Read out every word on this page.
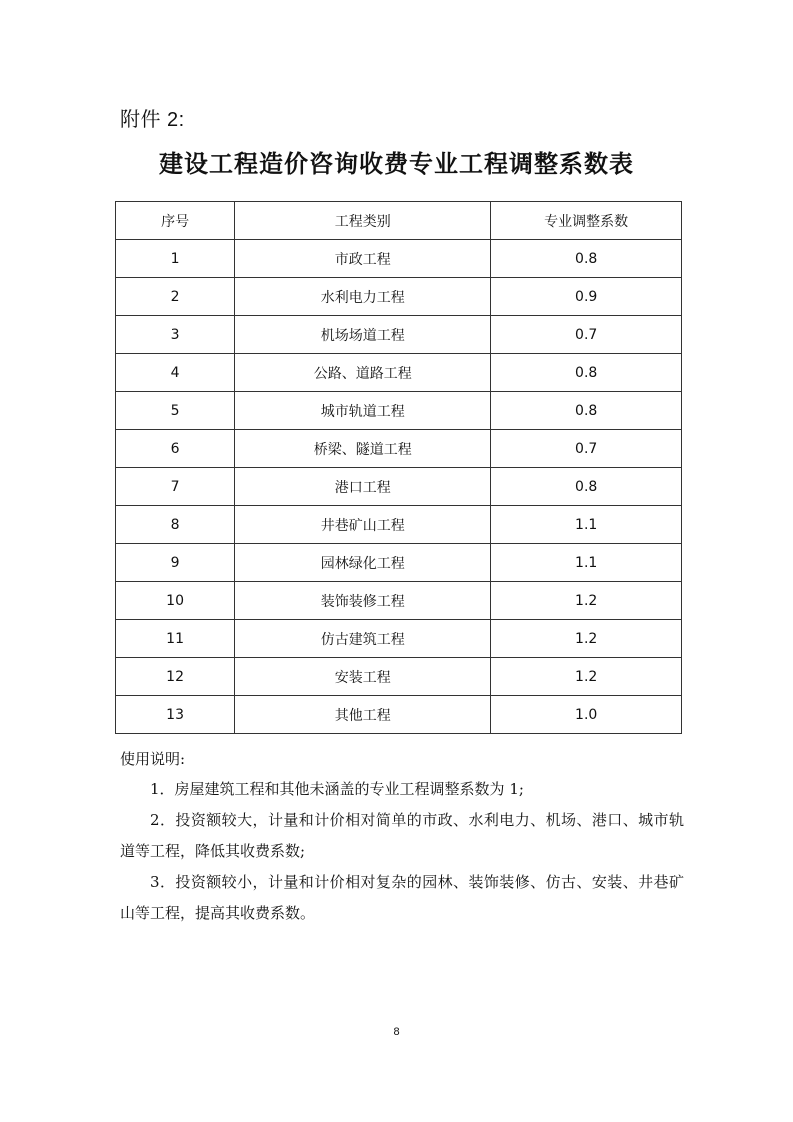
附件 2:
建设工程造价咨询收费专业工程调整系数表
序号	工程类别	专业调整系数
1	市政工程	0.8
2	水利电力工程	0.9
3	机场场道工程	0.7
4	公路、道路工程	0.8
5	城市轨道工程	0.8
6	桥梁、隧道工程	0.7
7	港口工程	0.8
8	井巷矿山工程	1.1
9	园林绿化工程	1.1
10	装饰装修工程	1.2
11	仿古建筑工程	1.2
12	安装工程	1.2
13	其他工程	1.0
使用说明:

1．房屋建筑工程和其他未涵盖的专业工程调整系数为 1;

2．投资额较大，计量和计价相对简单的市政、水利电力、机场、港口、城市轨道等工程，降低其收费系数;

3．投资额较小，计量和计价相对复杂的园林、装饰装修、仿古、安装、井巷矿山等工程，提高其收费系数。

8
